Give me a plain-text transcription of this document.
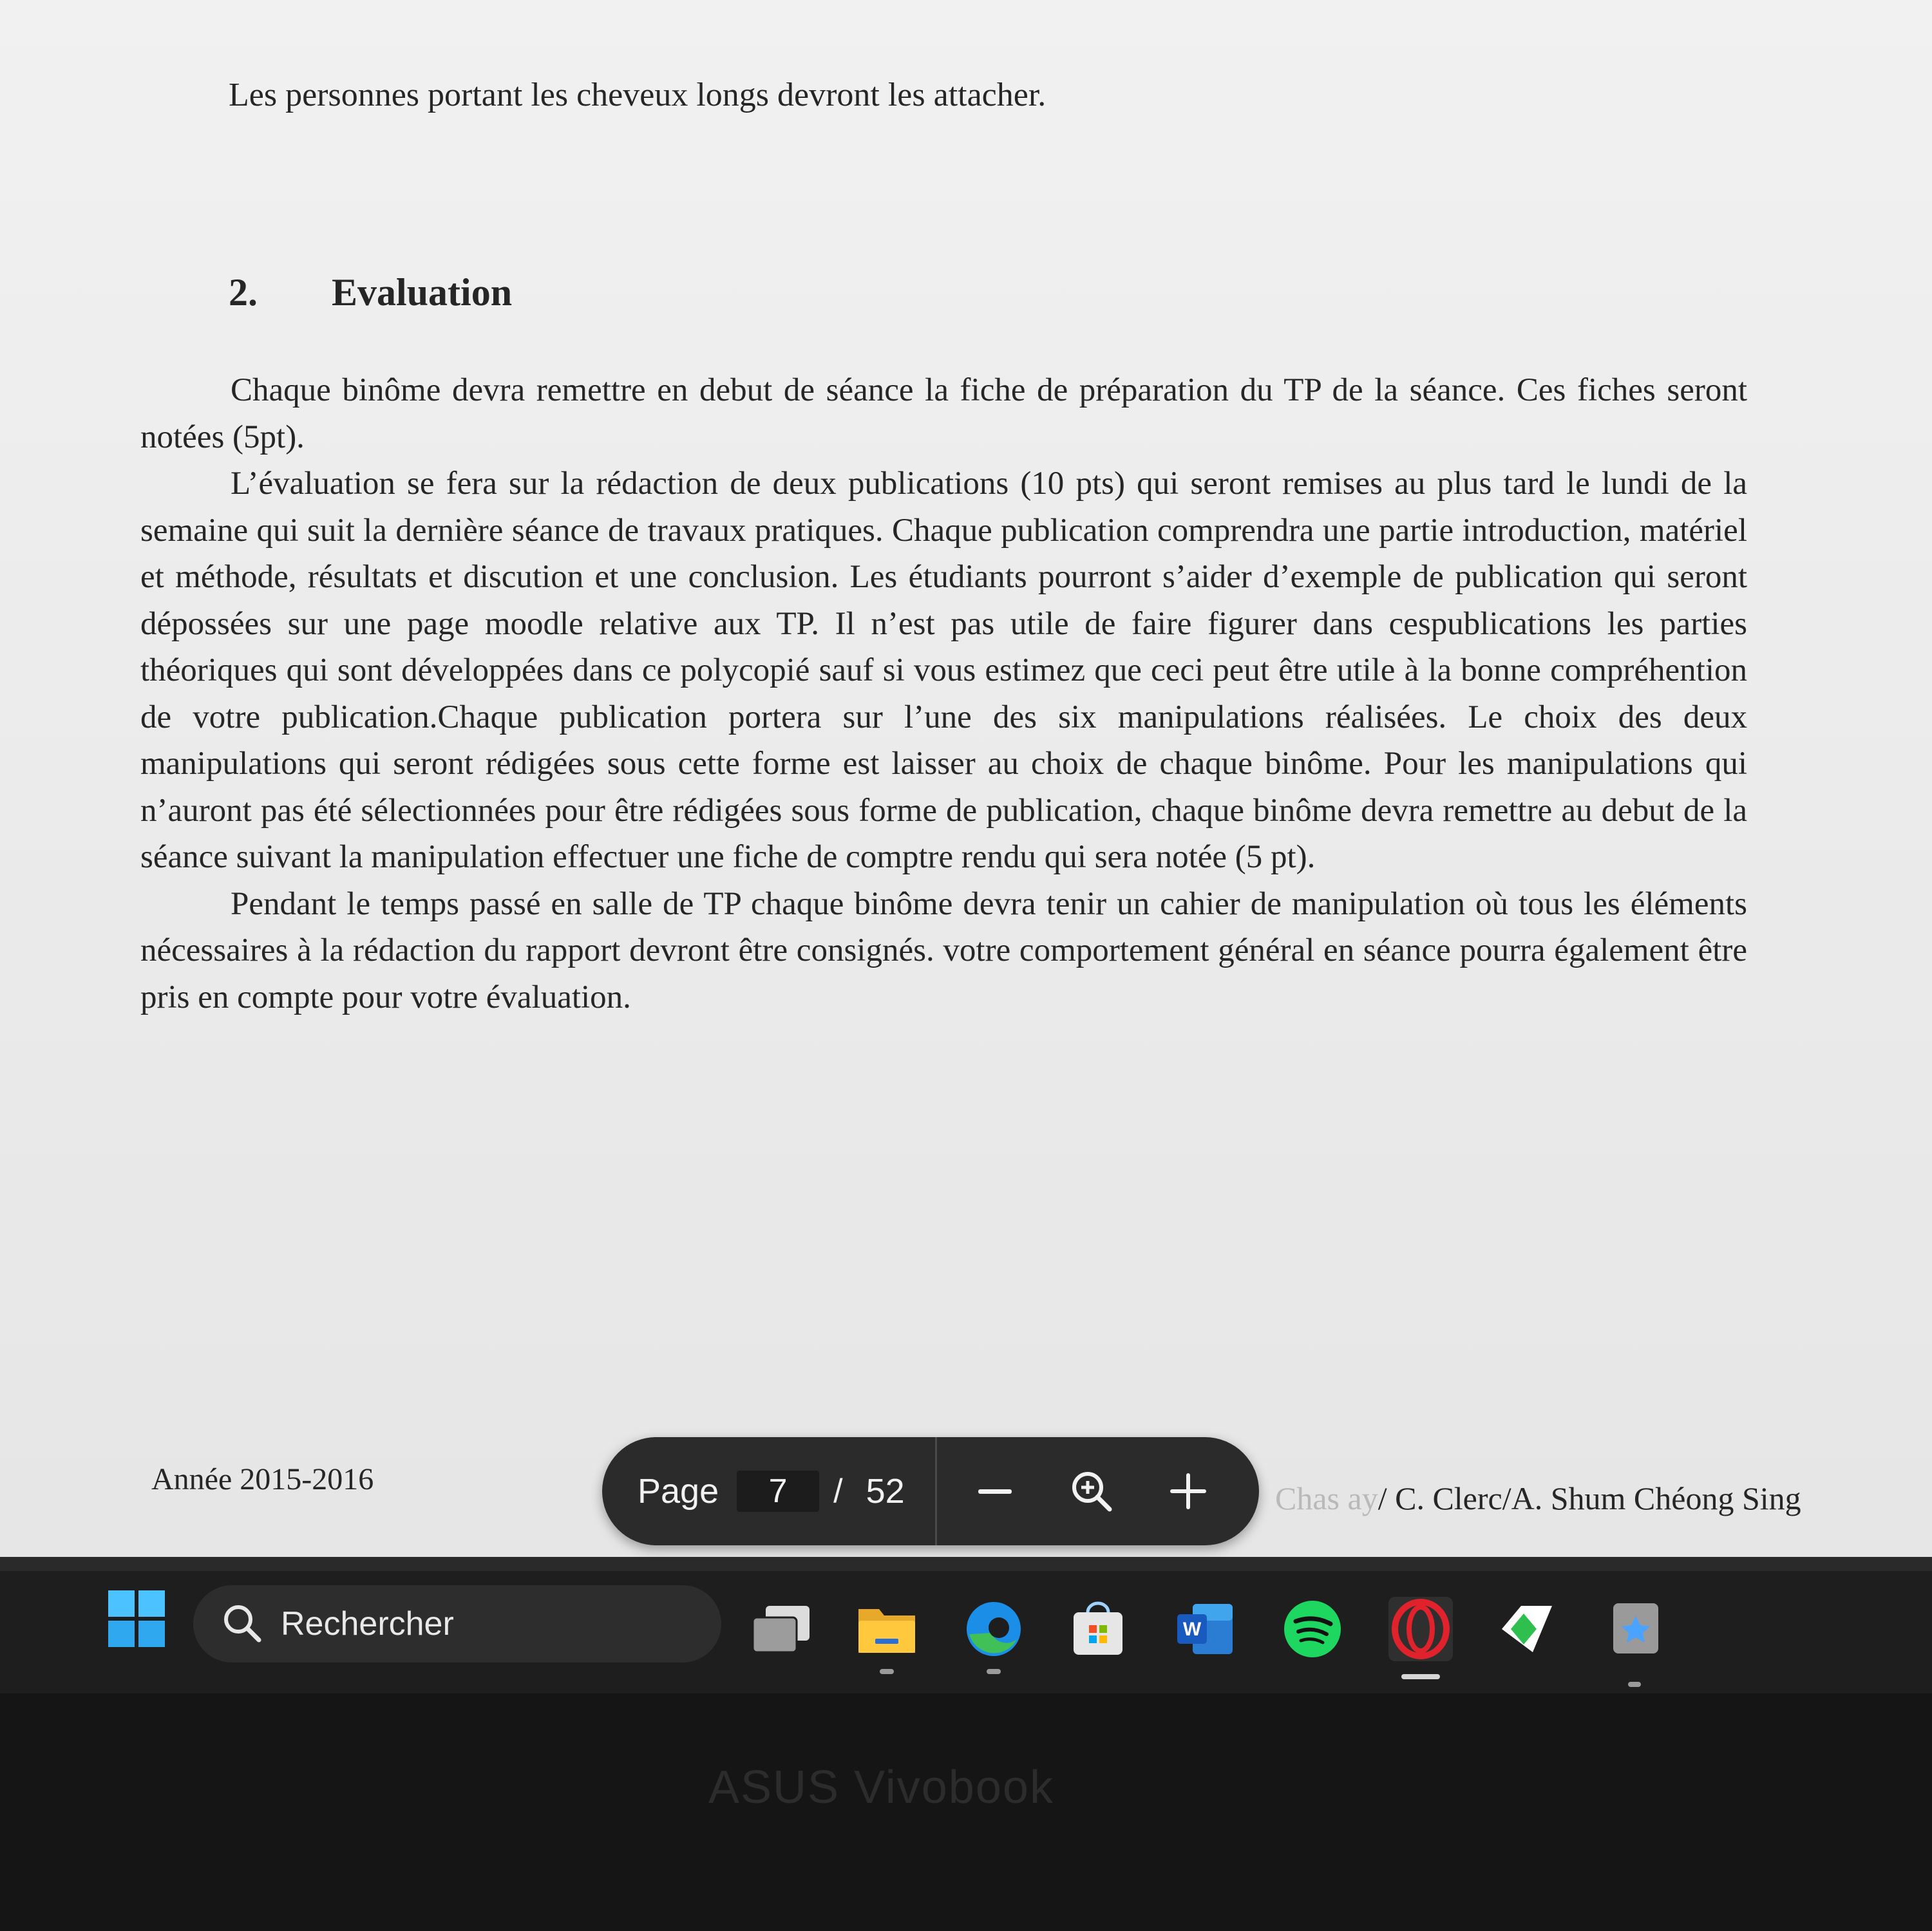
Les personnes portant les cheveux longs devront les attacher.
2. Evaluation

Chaque binôme devra remettre en debut de séance la fiche de préparation du TP de la séance. Ces fiches seront notées (5pt).

L’évaluation se fera sur la rédaction de deux publications (10 pts) qui seront remises au plus tard le lundi de la semaine qui suit la dernière séance de travaux pratiques. Chaque publication comprendra une partie introduction, matériel et méthode, résultats et discution et une conclusion. Les étudiants pourront s’aider d’exemple de publication qui seront dépossées sur une page moodle relative aux TP. Il n’est pas utile de faire figurer dans cespublications les parties théoriques qui sont développées dans ce polycopié sauf si vous estimez que ceci peut être utile à la bonne compréhention de votre publication.Chaque publication portera sur l’une des six manipulations réalisées. Le choix des deux manipulations qui seront rédigées sous cette forme est laisser au choix de chaque binôme. Pour les manipulations qui n’auront pas été sélectionnées pour être rédigées sous forme de publication, chaque binôme devra remettre au debut de la séance suivant la manipulation effectuer une fiche de comptre rendu qui sera notée (5 pt).

Pendant le temps passé en salle de TP chaque binôme devra tenir un cahier de manipulation où tous les éléments nécessaires à la rédaction du rapport devront être consignés. votre comportement général en séance pourra également être pris en compte pour votre évaluation.

Année 2015-2016
Chas ay/ C. Clerc/A. Shum Chéong Sing
Page	7	/ 52
Rechercher	W
ASUS Vivobook
